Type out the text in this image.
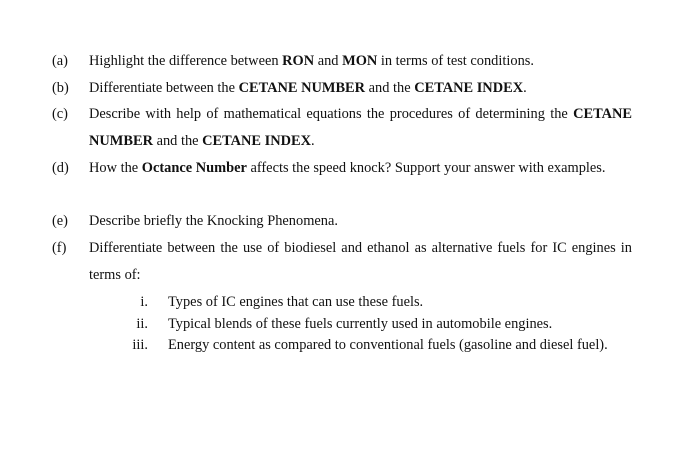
(a)	Highlight the difference between RON and MON in terms of test conditions.
(b)	Differentiate between the CETANE NUMBER and the CETANE INDEX.
(c)	Describe with help of mathematical equations the procedures of determining the CETANE NUMBER and the CETANE INDEX.
(d)	How the Octance Number affects the speed knock? Support your answer with examples.
(e)	Describe briefly the Knocking Phenomena.
(f)	Differentiate between the use of biodiesel and ethanol as alternative fuels for IC engines in terms of:
i. Types of IC engines that can use these fuels.
ii. Typical blends of these fuels currently used in automobile engines.
iii. Energy content as compared to conventional fuels (gasoline and diesel fuel).
